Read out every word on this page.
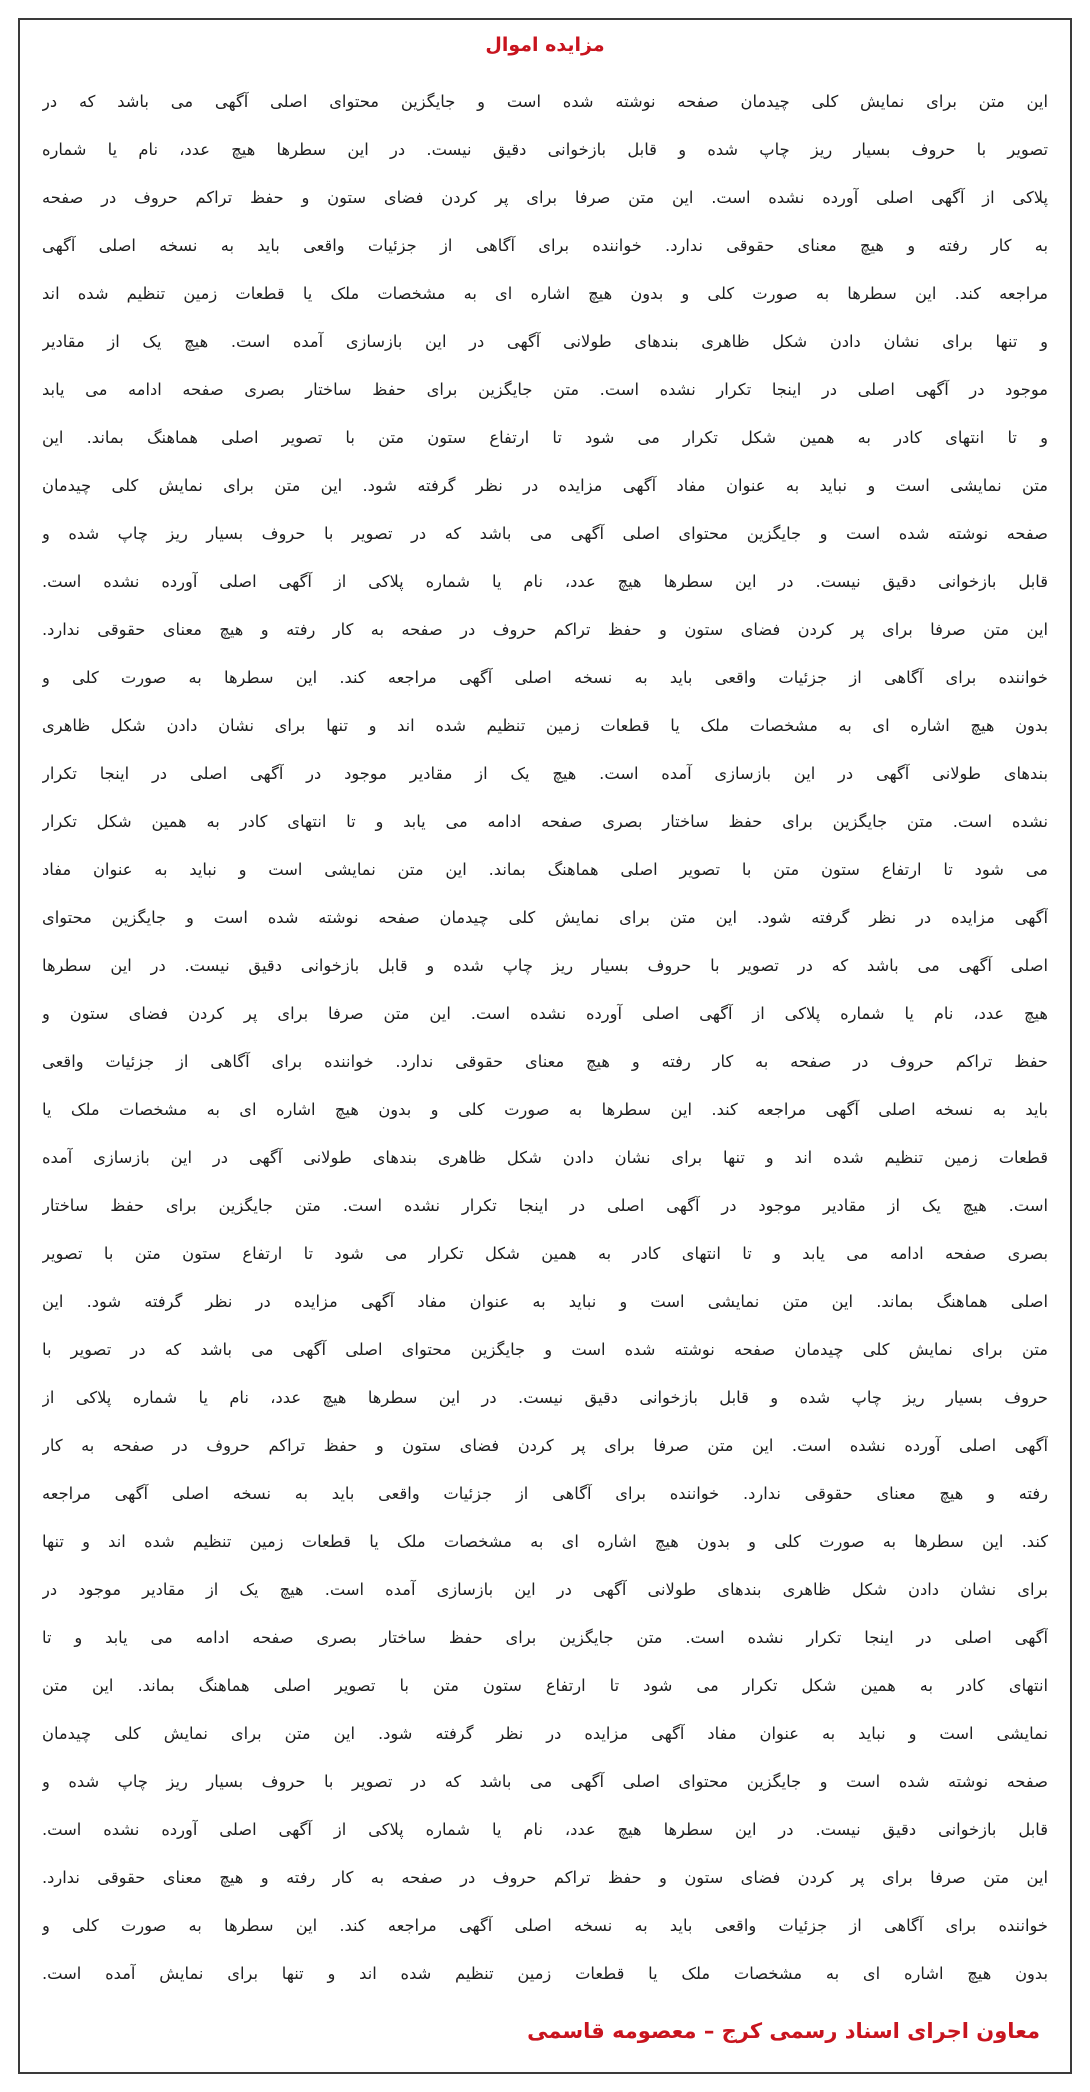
مزایده اموال
این متن برای نمایش کلی چیدمان صفحه نوشته شده است و جایگزین محتوای اصلی آگهی می باشد که در
تصویر با حروف بسیار ریز چاپ شده و قابل بازخوانی دقیق نیست. در این سطرها هیچ عدد، نام یا شماره
پلاکی از آگهی اصلی آورده نشده است. این متن صرفا برای پر کردن فضای ستون و حفظ تراکم حروف در صفحه
به کار رفته و هیچ معنای حقوقی ندارد. خواننده برای آگاهی از جزئیات واقعی باید به نسخه اصلی آگهی
مراجعه کند. این سطرها به صورت کلی و بدون هیچ اشاره ای به مشخصات ملک یا قطعات زمین تنظیم شده اند
و تنها برای نشان دادن شکل ظاهری بندهای طولانی آگهی در این بازسازی آمده است. هیچ یک از مقادیر
موجود در آگهی اصلی در اینجا تکرار نشده است. متن جایگزین برای حفظ ساختار بصری صفحه ادامه می یابد
و تا انتهای کادر به همین شکل تکرار می شود تا ارتفاع ستون متن با تصویر اصلی هماهنگ بماند. این
متن نمایشی است و نباید به عنوان مفاد آگهی مزایده در نظر گرفته شود. این متن برای نمایش کلی چیدمان
صفحه نوشته شده است و جایگزین محتوای اصلی آگهی می باشد که در تصویر با حروف بسیار ریز چاپ شده و
قابل بازخوانی دقیق نیست. در این سطرها هیچ عدد، نام یا شماره پلاکی از آگهی اصلی آورده نشده است.
این متن صرفا برای پر کردن فضای ستون و حفظ تراکم حروف در صفحه به کار رفته و هیچ معنای حقوقی ندارد.
خواننده برای آگاهی از جزئیات واقعی باید به نسخه اصلی آگهی مراجعه کند. این سطرها به صورت کلی و
بدون هیچ اشاره ای به مشخصات ملک یا قطعات زمین تنظیم شده اند و تنها برای نشان دادن شکل ظاهری
بندهای طولانی آگهی در این بازسازی آمده است. هیچ یک از مقادیر موجود در آگهی اصلی در اینجا تکرار
نشده است. متن جایگزین برای حفظ ساختار بصری صفحه ادامه می یابد و تا انتهای کادر به همین شکل تکرار
می شود تا ارتفاع ستون متن با تصویر اصلی هماهنگ بماند. این متن نمایشی است و نباید به عنوان مفاد
آگهی مزایده در نظر گرفته شود. این متن برای نمایش کلی چیدمان صفحه نوشته شده است و جایگزین محتوای
اصلی آگهی می باشد که در تصویر با حروف بسیار ریز چاپ شده و قابل بازخوانی دقیق نیست. در این سطرها
هیچ عدد، نام یا شماره پلاکی از آگهی اصلی آورده نشده است. این متن صرفا برای پر کردن فضای ستون و
حفظ تراکم حروف در صفحه به کار رفته و هیچ معنای حقوقی ندارد. خواننده برای آگاهی از جزئیات واقعی
باید به نسخه اصلی آگهی مراجعه کند. این سطرها به صورت کلی و بدون هیچ اشاره ای به مشخصات ملک یا
قطعات زمین تنظیم شده اند و تنها برای نشان دادن شکل ظاهری بندهای طولانی آگهی در این بازسازی آمده
است. هیچ یک از مقادیر موجود در آگهی اصلی در اینجا تکرار نشده است. متن جایگزین برای حفظ ساختار
بصری صفحه ادامه می یابد و تا انتهای کادر به همین شکل تکرار می شود تا ارتفاع ستون متن با تصویر
اصلی هماهنگ بماند. این متن نمایشی است و نباید به عنوان مفاد آگهی مزایده در نظر گرفته شود. این
متن برای نمایش کلی چیدمان صفحه نوشته شده است و جایگزین محتوای اصلی آگهی می باشد که در تصویر با
حروف بسیار ریز چاپ شده و قابل بازخوانی دقیق نیست. در این سطرها هیچ عدد، نام یا شماره پلاکی از
آگهی اصلی آورده نشده است. این متن صرفا برای پر کردن فضای ستون و حفظ تراکم حروف در صفحه به کار
رفته و هیچ معنای حقوقی ندارد. خواننده برای آگاهی از جزئیات واقعی باید به نسخه اصلی آگهی مراجعه
کند. این سطرها به صورت کلی و بدون هیچ اشاره ای به مشخصات ملک یا قطعات زمین تنظیم شده اند و تنها
برای نشان دادن شکل ظاهری بندهای طولانی آگهی در این بازسازی آمده است. هیچ یک از مقادیر موجود در
آگهی اصلی در اینجا تکرار نشده است. متن جایگزین برای حفظ ساختار بصری صفحه ادامه می یابد و تا
انتهای کادر به همین شکل تکرار می شود تا ارتفاع ستون متن با تصویر اصلی هماهنگ بماند. این متن
نمایشی است و نباید به عنوان مفاد آگهی مزایده در نظر گرفته شود. این متن برای نمایش کلی چیدمان
صفحه نوشته شده است و جایگزین محتوای اصلی آگهی می باشد که در تصویر با حروف بسیار ریز چاپ شده و
قابل بازخوانی دقیق نیست. در این سطرها هیچ عدد، نام یا شماره پلاکی از آگهی اصلی آورده نشده است.
این متن صرفا برای پر کردن فضای ستون و حفظ تراکم حروف در صفحه به کار رفته و هیچ معنای حقوقی ندارد.
خواننده برای آگاهی از جزئیات واقعی باید به نسخه اصلی آگهی مراجعه کند. این سطرها به صورت کلی و
بدون هیچ اشاره ای به مشخصات ملک یا قطعات زمین تنظیم شده اند و تنها برای نمایش آمده است.
معاون اجرای اسناد رسمی کرج – معصومه قاسمی
